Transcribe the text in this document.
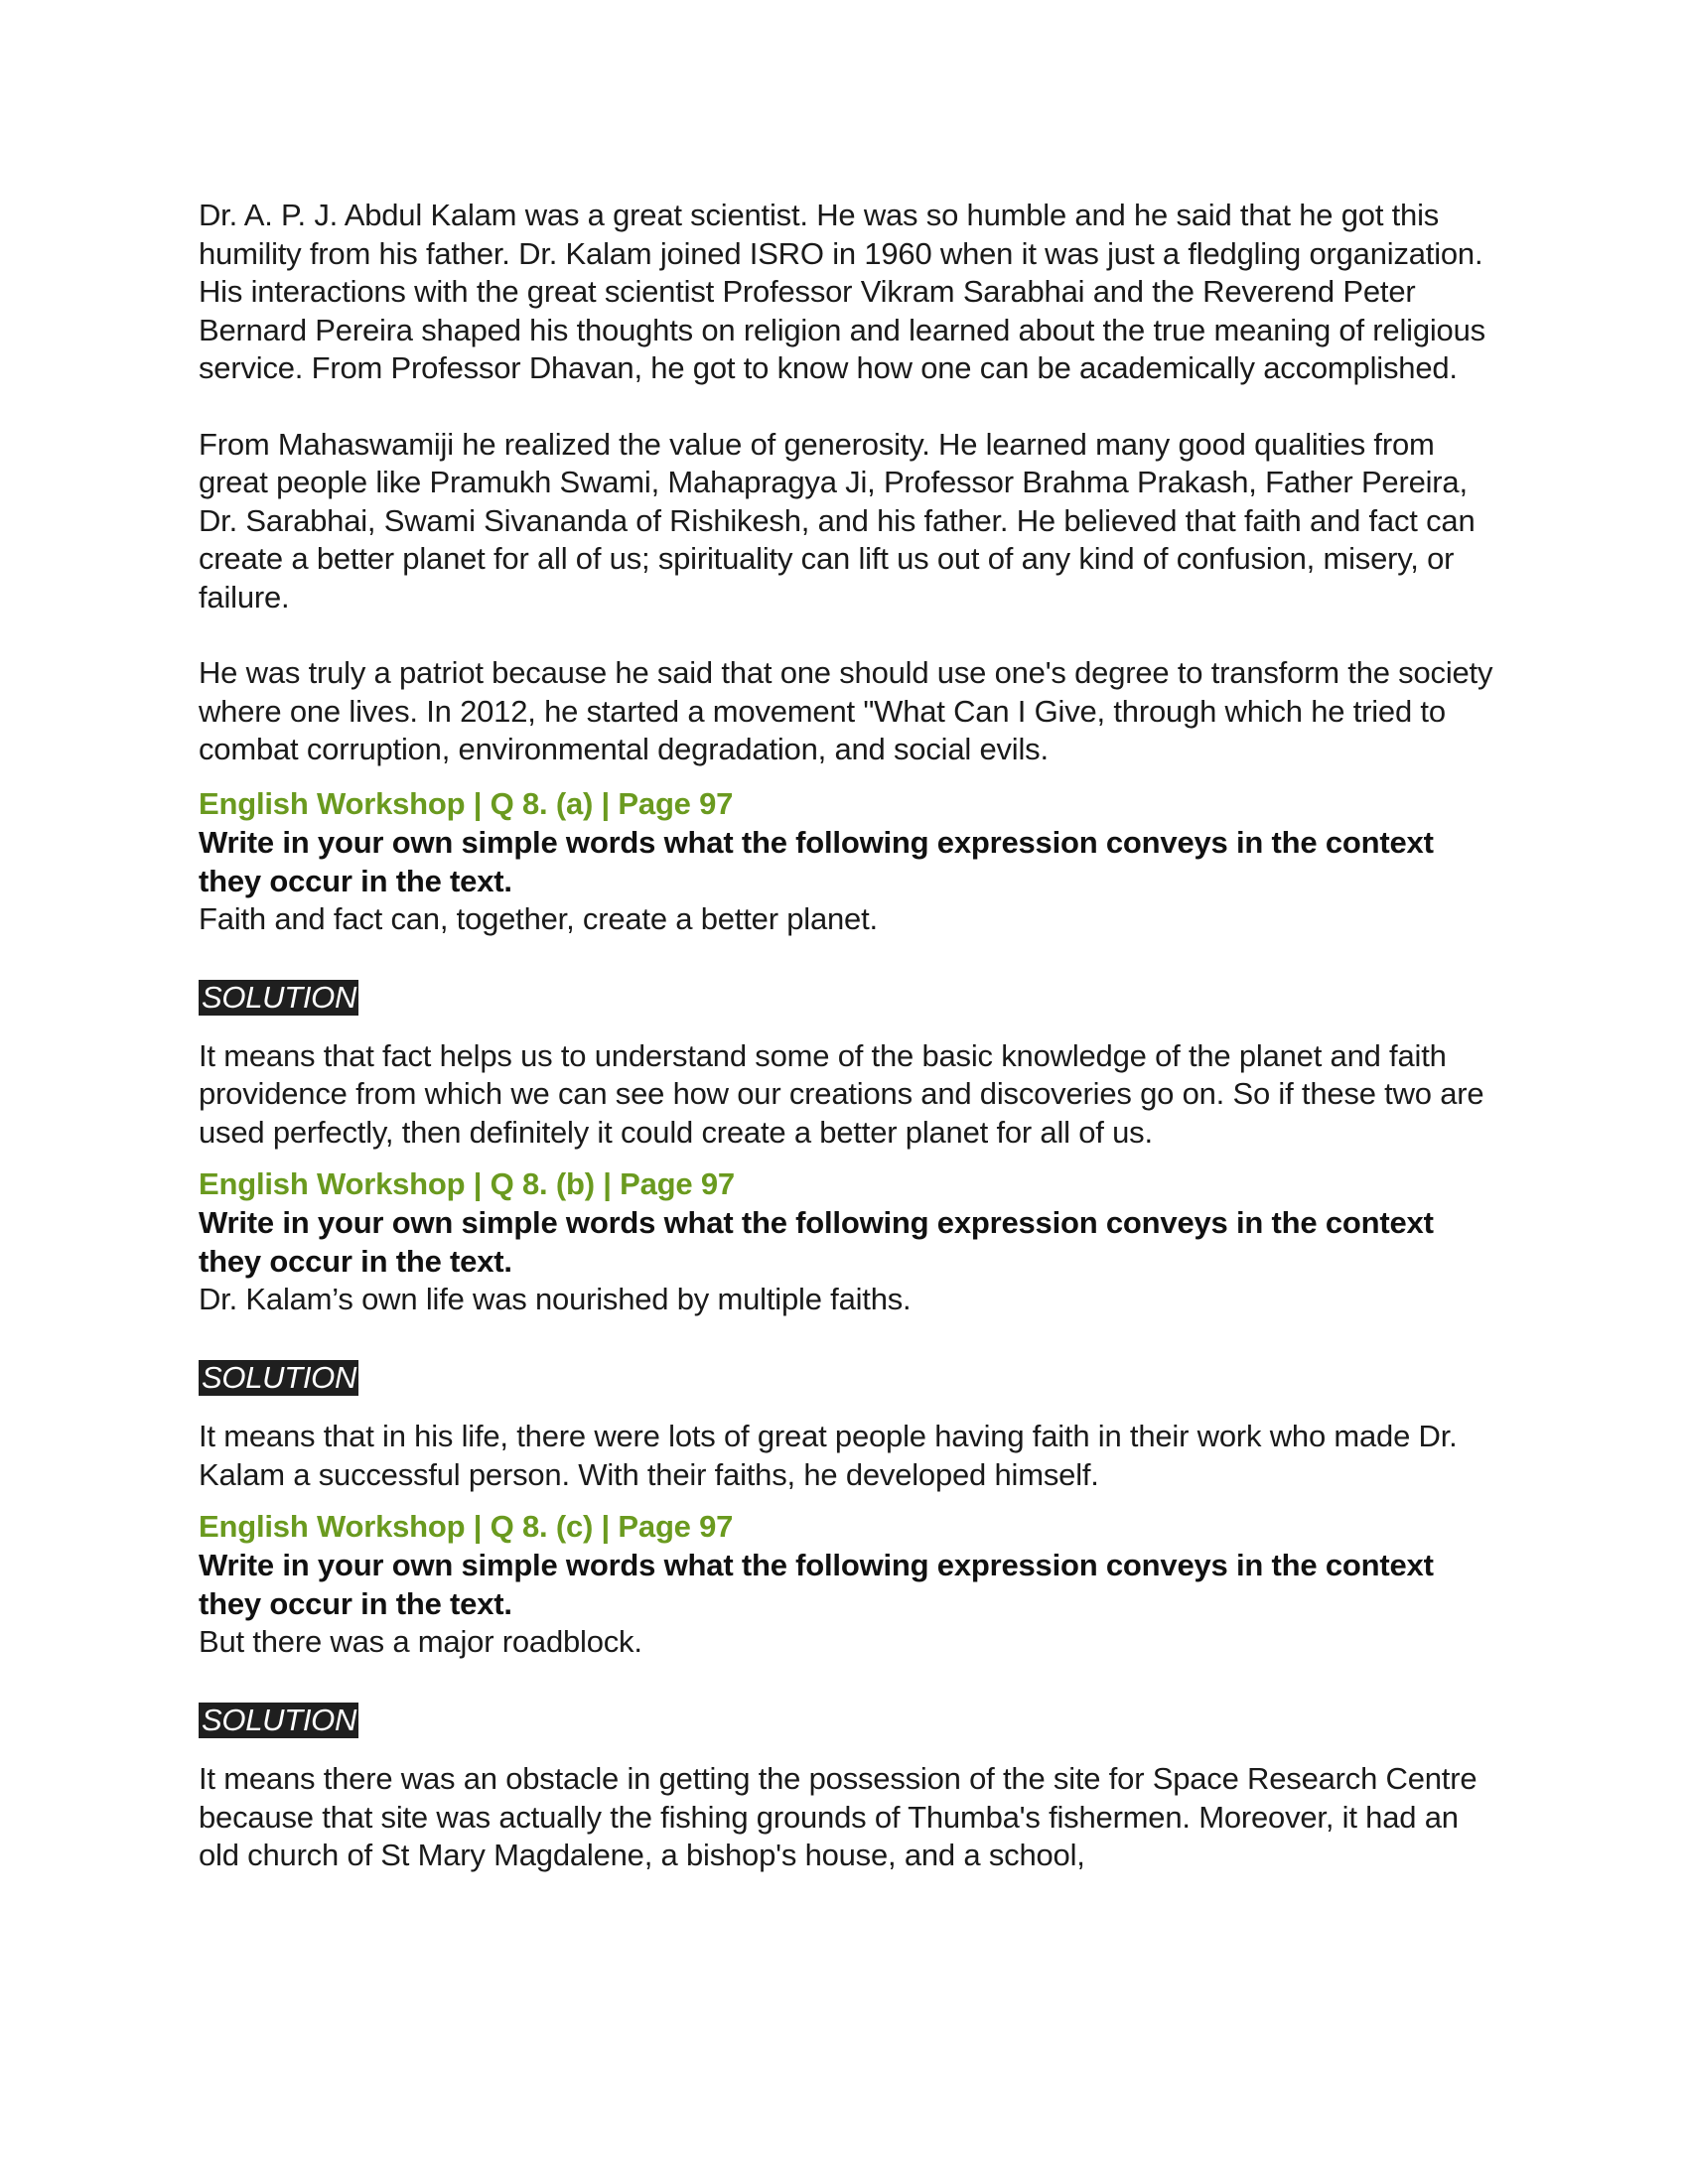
Dr. A. P. J. Abdul Kalam was a great scientist. He was so humble and he said that he got this humility from his father. Dr. Kalam joined ISRO in 1960 when it was just a fledgling organization. His interactions with the great scientist Professor Vikram Sarabhai and the Reverend Peter Bernard Pereira shaped his thoughts on religion and learned about the true meaning of religious service. From Professor Dhavan, he got to know how one can be academically accomplished.

From Mahaswamiji he realized the value of generosity. He learned many good qualities from great people like Pramukh Swami, Mahapragya Ji, Professor Brahma Prakash, Father Pereira, Dr. Sarabhai, Swami Sivananda of Rishikesh, and his father. He believed that faith and fact can create a better planet for all of us; spirituality can lift us out of any kind of confusion, misery, or failure.

He was truly a patriot because he said that one should use one's degree to transform the society where one lives. In 2012, he started a movement "What Can I Give, through which he tried to combat corruption, environmental degradation, and social evils.

English Workshop | Q 8. (a) | Page 97

Write in your own simple words what the following expression conveys in the context they occur in the text.

Faith and fact can, together, create a better planet.

SOLUTION

It means that fact helps us to understand some of the basic knowledge of the planet and faith providence from which we can see how our creations and discoveries go on. So if these two are used perfectly, then definitely it could create a better planet for all of us.

English Workshop | Q 8. (b) | Page 97

Write in your own simple words what the following expression conveys in the context they occur in the text.

Dr. Kalam’s own life was nourished by multiple faiths.

SOLUTION

It means that in his life, there were lots of great people having faith in their work who made Dr. Kalam a successful person. With their faiths, he developed himself.

English Workshop | Q 8. (c) | Page 97

Write in your own simple words what the following expression conveys in the context they occur in the text.

But there was a major roadblock.

SOLUTION

It means there was an obstacle in getting the possession of the site for Space Research Centre because that site was actually the fishing grounds of Thumba's fishermen. Moreover, it had an old church of St Mary Magdalene, a bishop's house, and a school,
